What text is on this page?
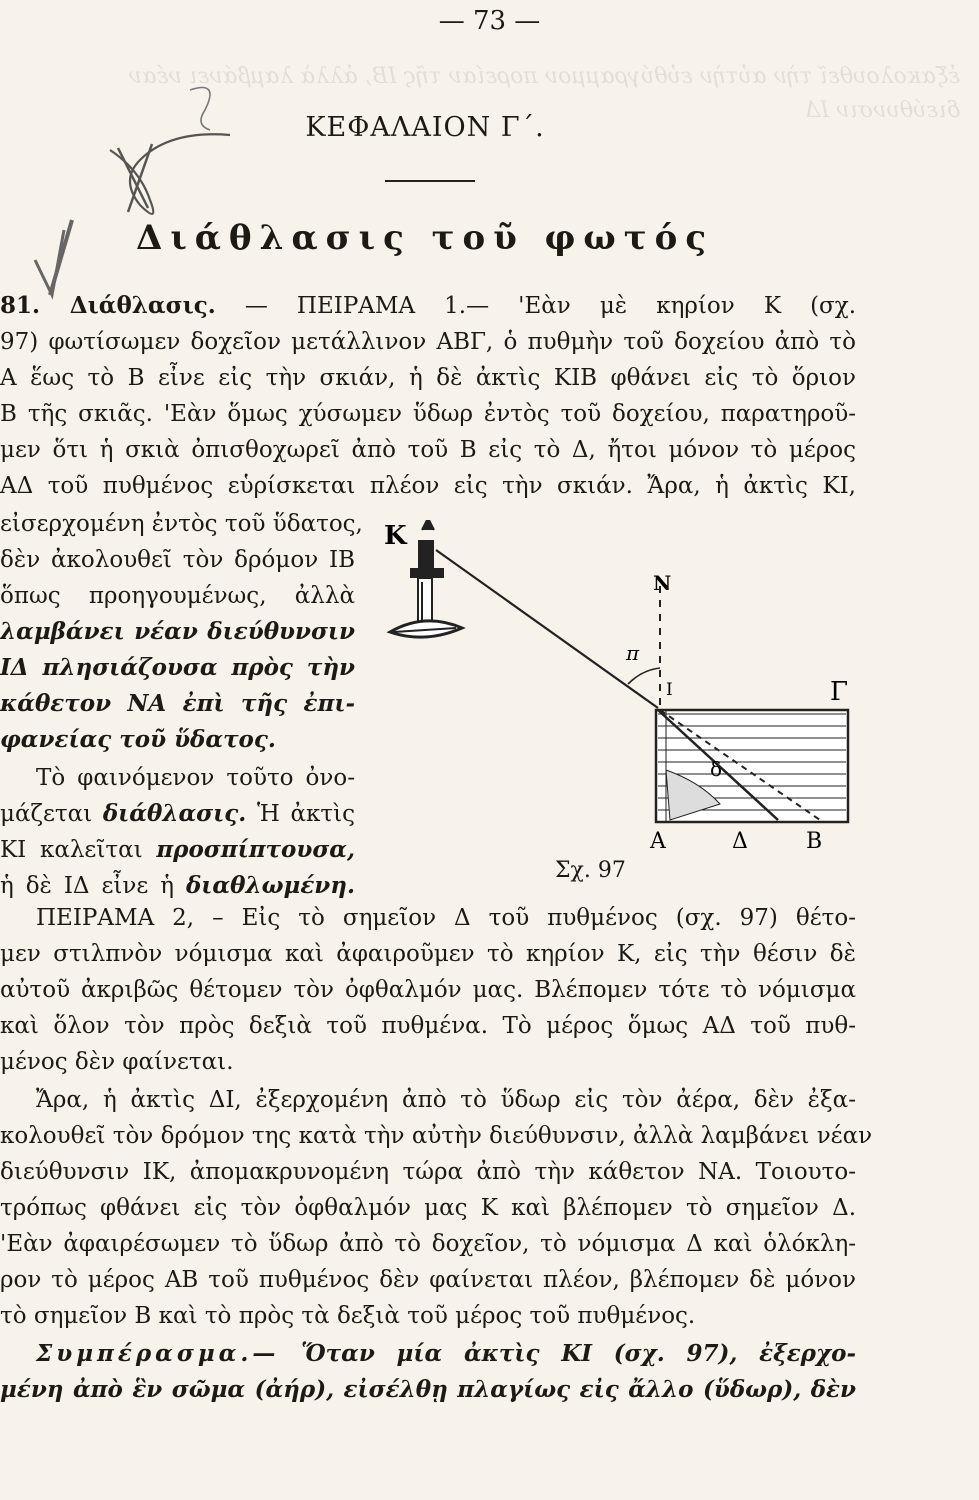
ἐξακολουθεῖ τὴν αὐτὴν εὐθύγραμμον πορείαν τῆς ΙΒ, ἀλλὰ λαμβάνει νέαν διεύθυνσιν ΙΔ
— 73 —
ΚΕΦΑΛΑΙΟΝ Γ΄.
Διάθλασις τοῦ φωτός
81. Διάθλασις. — ΠΕΙΡΑΜΑ 1.— 'Εὰν μὲ κηρίον Κ (σχ.
97) φωτίσωμεν δοχεῖον μετάλλινον ΑΒΓ, ὁ πυθμὴν τοῦ δοχείου ἀπὸ τὸ
Α ἕως τὸ Β εἶνε εἰς τὴν σκιάν, ἡ δὲ ἀκτὶς ΚΙΒ φθάνει εἰς τὸ ὅριον
Β τῆς σκιᾶς. 'Εὰν ὅμως χύσωμεν ὕδωρ ἐντὸς τοῦ δοχείου, παρατηροῦ-
μεν ὅτι ἡ σκιὰ ὀπισθοχωρεῖ ἀπὸ τοῦ Β εἰς τὸ Δ, ἤτοι μόνον τὸ μέρος
ΑΔ τοῦ πυθμένος εὑρίσκεται πλέον εἰς τὴν σκιάν. Ἄρα, ἡ ἀκτὶς ΚΙ,
εἰσερχομένη ἐντὸς τοῦ ὕδατος,
δὲν ἀκολουθεῖ τὸν δρόμον ΙΒ
ὅπως προηγουμένως, ἀλλὰ
λαμβάνει νέαν διεύθυνσιν
ΙΔ πλησιάζουσα πρὸς τὴν
κάθετον ΝΑ ἐπὶ τῆς ἐπι-
φανείας τοῦ ὕδατος.
Τὸ φαινόμενον τοῦτο ὀνο-
μάζεται διάθλασις. Ἡ ἀκτὶς
ΚΙ καλεῖται προσπίπτουσα,
ἡ δὲ ΙΔ εἶνε ἡ διαθλωμένη.
Κ
Ν
π
Ι
δ
Γ
Α	Δ	Β
Σχ. 97
ΠΕΙΡΑΜΑ 2, – Εἰς τὸ σημεῖον Δ τοῦ πυθμένος (σχ. 97) θέτο-
μεν στιλπνὸν νόμισμα καὶ ἀφαιροῦμεν τὸ κηρίον Κ, εἰς τὴν θέσιν δὲ
αὐτοῦ ἀκριβῶς θέτομεν τὸν ὀφθαλμόν μας. Βλέπομεν τότε τὸ νόμισμα
καὶ ὅλον τὸν πρὸς δεξιὰ τοῦ πυθμένα. Τὸ μέρος ὅμως ΑΔ τοῦ πυθ-
μένος δὲν φαίνεται.
Ἄρα, ἡ ἀκτὶς ΔΙ, ἐξερχομένη ἀπὸ τὸ ὕδωρ εἰς τὸν ἀέρα, δὲν ἐξα-
κολουθεῖ τὸν δρόμον της κατὰ τὴν αὐτὴν διεύθυνσιν, ἀλλὰ λαμβάνει νέαν
διεύθυνσιν ΙΚ, ἀπομακρυνομένη τώρα ἀπὸ τὴν κάθετον ΝΑ. Τοιουτο-
τρόπως φθάνει εἰς τὸν ὀφθαλμόν μας Κ καὶ βλέπομεν τὸ σημεῖον Δ.
'Εὰν ἀφαιρέσωμεν τὸ ὕδωρ ἀπὸ τὸ δοχεῖον, τὸ νόμισμα Δ καὶ ὁλόκλη-
ρον τὸ μέρος ΑΒ τοῦ πυθμένος δὲν φαίνεται πλέον, βλέπομεν δὲ μόνον
τὸ σημεῖον Β καὶ τὸ πρὸς τὰ δεξιὰ τοῦ μέρος τοῦ πυθμένος.
Συμπέρασμα.— Ὅταν μία ἀκτὶς ΚΙ (σχ. 97), ἐξερχο-
μένη ἀπὸ ἓν σῶμα (ἀήρ), εἰσέλθῃ πλαγίως εἰς ἄλλο (ὕδωρ), δὲν
